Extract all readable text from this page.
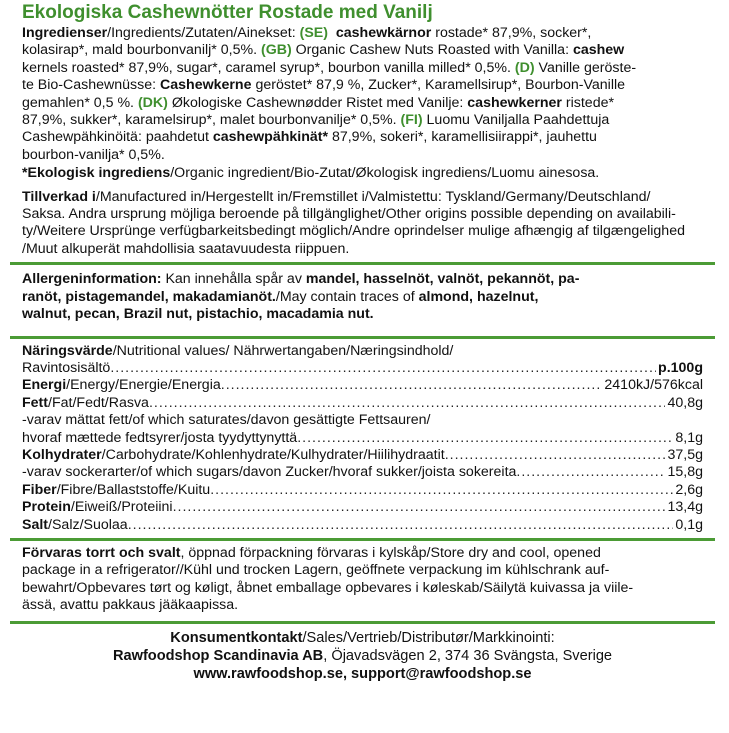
Ekologiska Cashewnötter Rostade med Vanilj

Ingredienser/Ingredients/Zutaten/Ainekset: (SE) cashewkärnor rostade* 87,9%, socker*,

kolasirap*, mald bourbonvanilj* 0,5%. (GB) Organic Cashew Nuts Roasted with Vanilla: cashew

kernels roasted* 87,9%, sugar*, caramel syrup*, bourbon vanilla milled* 0,5%. (D) Vanille geröste-

te Bio-Cashewnüsse: Cashewkerne geröstet* 87,9 %, Zucker*, Karamellsirup*, Bourbon-Vanille

gemahlen* 0,5 %. (DK) Økologiske Cashewnødder Ristet med Vanilje: cashewkerner ristede*

87,9%, sukker*, karamelsirup*, malet bourbonvanilje* 0,5%. (FI) Luomu Vaniljalla Paahdettuja

Cashewpähkinöitä: paahdetut cashewpähkinät* 87,9%, sokeri*, karamellisiirappi*, jauhettu

bourbon-vanilja* 0,5%.

*Ekologisk ingrediens/Organic ingredient/Bio-Zutat/Økologisk ingrediens/Luomu ainesosa.

Tillverkad i/Manufactured in/Hergestellt in/Fremstillet i/Valmistettu: Tyskland/Germany/Deutschland/

Saksa. Andra ursprung möjliga beroende på tillgänglighet/Other origins possible depending on availabili-

ty/Weitere Ursprünge verfügbarkeitsbedingt möglich/Andre oprindelser mulige afhængig af tilgængelighed

/Muut alkuperät mahdollisia saatavuudesta riippuen.

Allergeninformation: Kan innehålla spår av mandel, hasselnöt, valnöt, pekannöt, pa-

ranöt, pistagemandel, makadamianöt./May contain traces of almond, hazelnut,

walnut, pecan, Brazil nut, pistachio, macadamia nut.

Näringsvärde/Nutritional values/ Nährwertangaben/Næringsindhold/

Ravintosisältö .....	p.100g
Energi/Energy/Energie/Energia .....	2410kJ/576kcal
Fett/Fat/Fedt/Rasva .....	40,8g
-varav mättat fett/of which saturates/davon gesättigte Fettsauren/
hvoraf mættede fedtsyrer/josta tyydyttynyttä .....	8,1g
Kolhydrater/Carbohydrate/Kohlenhydrate/Kulhydrater/Hiilihydraatit .....	37,5g
-varav sockerarter/of which sugars/davon Zucker/hvoraf sukker/joista sokereita .....	15,8g
Fiber/Fibre/Ballaststoffe/Kuitu .....	2,6g
Protein/Eiweiß/Proteiini .....	13,4g
Salt/Salz/Suolaa .....	0,1g

Förvaras torrt och svalt, öppnad förpackning förvaras i kylskåp/Store dry and cool, opened

package in a refrigerator//Kühl und trocken Lagern, geöffnete verpackung im kühlschrank auf-

bewahrt/Opbevares tørt og køligt, åbnet emballage opbevares i køleskab/Säilytä kuivassa ja viile-

ässä, avattu pakkaus jääkaapissa.

Konsumentkontakt/Sales/Vertrieb/Distributør/Markkinointi:
Rawfoodshop Scandinavia AB, Öjavadsvägen 2, 374 36 Svängsta, Sverige
www.rawfoodshop.se, support@rawfoodshop.se
